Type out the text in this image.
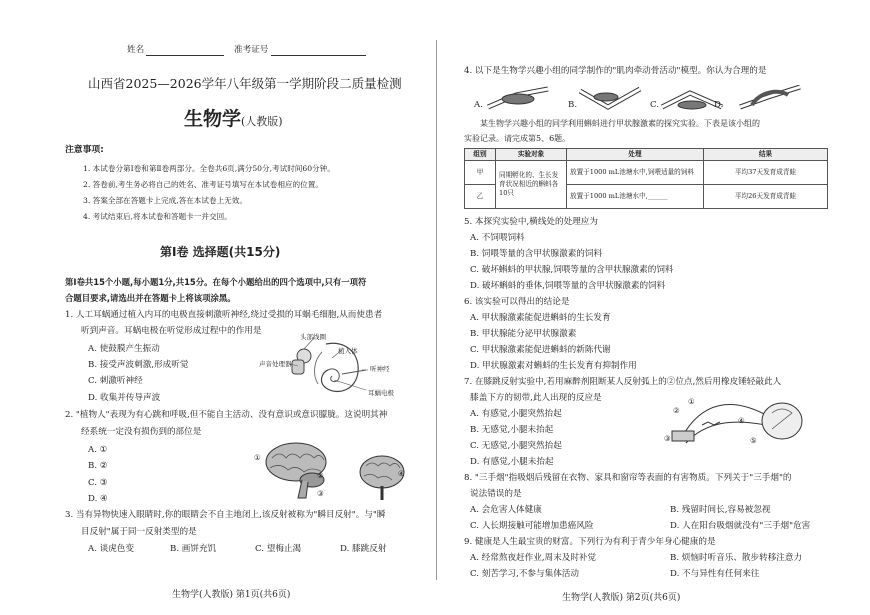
姓名	准考证号
山西省2025—2026学年八年级第一学期阶段二质量检测
生物学(人教版)
注意事项:
1. 本试卷分第Ⅰ卷和第Ⅱ卷两部分。全卷共6页,满分50分,考试时间60分钟。
2. 答卷前,考生务必将自己的姓名、准考证号填写在本试卷相应的位置。
3. 答案全部在答题卡上完成,答在本试卷上无效。
4. 考试结束后,将本试卷和答题卡一并交回。
第Ⅰ卷 选择题(共15分)
第Ⅰ卷共15个小题,每小题1分,共15分。在每个小题给出的四个选项中,只有一项符
合题目要求,请选出并在答题卡上将该项涂黑。
1. 人工耳蜗通过植入内耳的电极直接刺激听神经,绕过受损的耳蜗毛细胞,从而使患者
听到声音。耳蜗电极在听觉形成过程中的作用是
A. 使鼓膜产生振动
B. 接受声波刺激,形成听觉
C. 刺激听神经
D. 收集并传导声波
头部线圈
植入体
声音处理器
听神经
耳蜗电极
2. "植物人"表现为有心跳和呼吸,但不能自主活动、没有意识或意识朦胧。这说明其神
经系统一定没有损伤到的部位是
A. ①
B. ②
C. ③
D. ④
①
②
③
④
3. 当有异物快速入眼睛时,你的眼睛会不自主地闭上,该反射被称为"瞬目反射"。与"瞬
目反射"属于同一反射类型的是
A. 谈虎色变	B. 画饼充饥	C. 望梅止渴	D. 膝跳反射
生物学(人教版) 第1页(共6页)
4. 以下是生物学兴趣小组的同学制作的"肌肉牵动骨活动"模型。你认为合理的是
A.	B.	C.	D.
某生物学兴趣小组的同学利用蝌蚪进行甲状腺激素的探究实验。下表是该小组的
实验记录。请完成第5、6题。
组别	实验对象	处理	结果
甲	同期孵化的、生长发育状况相近的蝌蚪各10只	放置于1000 mL池塘水中,饲喂适量的饲料	平均37天发育成青蛙
乙		放置于1000 mL池塘水中,______	平均26天发育成青蛙
5. 本探究实验中,横线处的处理应为
A. 不饲喂饲料
B. 饲喂等量的含甲状腺激素的饲料
C. 破坏蝌蚪的甲状腺,饲喂等量的含甲状腺激素的饲料
D. 破坏蝌蚪的垂体,饲喂等量的含甲状腺激素的饲料
6. 该实验可以得出的结论是
A. 甲状腺激素能促进蝌蚪的生长发育
B. 甲状腺能分泌甲状腺激素
C. 甲状腺激素能促进蝌蚪的新陈代谢
D. 甲状腺激素对蝌蚪的生长发育有抑制作用
7. 在膝跳反射实验中,若用麻醉剂阻断某人反射弧上的②位点,然后用橡皮锤轻敲此人
膝盖下方的韧带,此人出现的反应是
A. 有感觉,小腿突然抬起
B. 无感觉,小腿未抬起
C. 无感觉,小腿突然抬起
D. 有感觉,小腿未抬起
①
②
③
④
⑤
8. "三手烟"指吸烟后残留在衣物、家具和窗帘等表面的有害物质。下列关于"三手烟"的
说法错误的是
A. 会危害人体健康	B. 残留时间长,容易被忽视
C. 人长期接触可能增加患癌风险	D. 人在阳台吸烟就没有"三手烟"危害
9. 健康是人生最宝贵的财富。下列行为有利于青少年身心健康的是
A. 经常熬夜赶作业,周末及时补觉	B. 烦恼时听音乐、散步转移注意力
C. 刻苦学习,不参与集体活动	D. 不与异性有任何来往
生物学(人教版) 第2页(共6页)
